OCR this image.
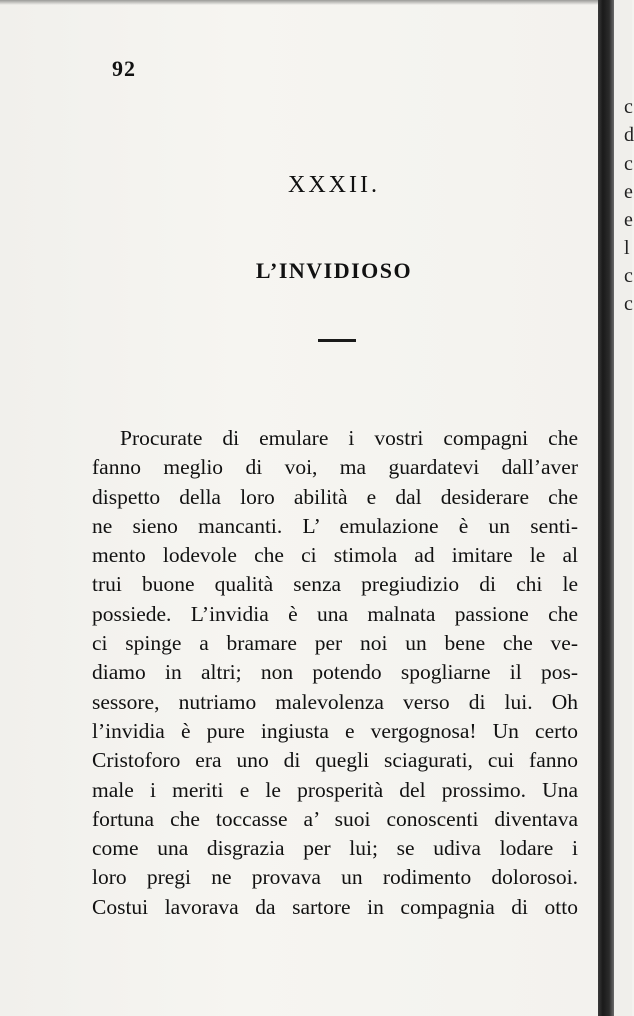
92
XXXII.
L’INVIDIOSO
Procurate di emulare i vostri compagni che
fanno meglio di voi, ma guardatevi dall’aver
dispetto della loro abilità e dal desiderare che
ne sieno mancanti. L’ emulazione è un senti-
mento lodevole che ci stimola ad imitare le al
trui buone qualità senza pregiudizio di chi le
possiede. L’invidia è una malnata passione che
ci spinge a bramare per noi un bene che ve-
diamo in altri; non potendo spogliarne il pos-
sessore, nutriamo malevolenza verso di lui. Oh
l’invidia è pure ingiusta e vergognosa! Un certo
Cristoforo era uno di quegli sciagurati, cui fanno
male i meriti e le prosperità del prossimo. Una
fortuna che toccasse a’ suoi conoscenti diventava
come una disgrazia per lui; se udiva lodare i
loro pregi ne provava un rodimento dolorosoi.
Costui lavorava da sartore in compagnia di otto
c
d
c
e
e
l
c
c
